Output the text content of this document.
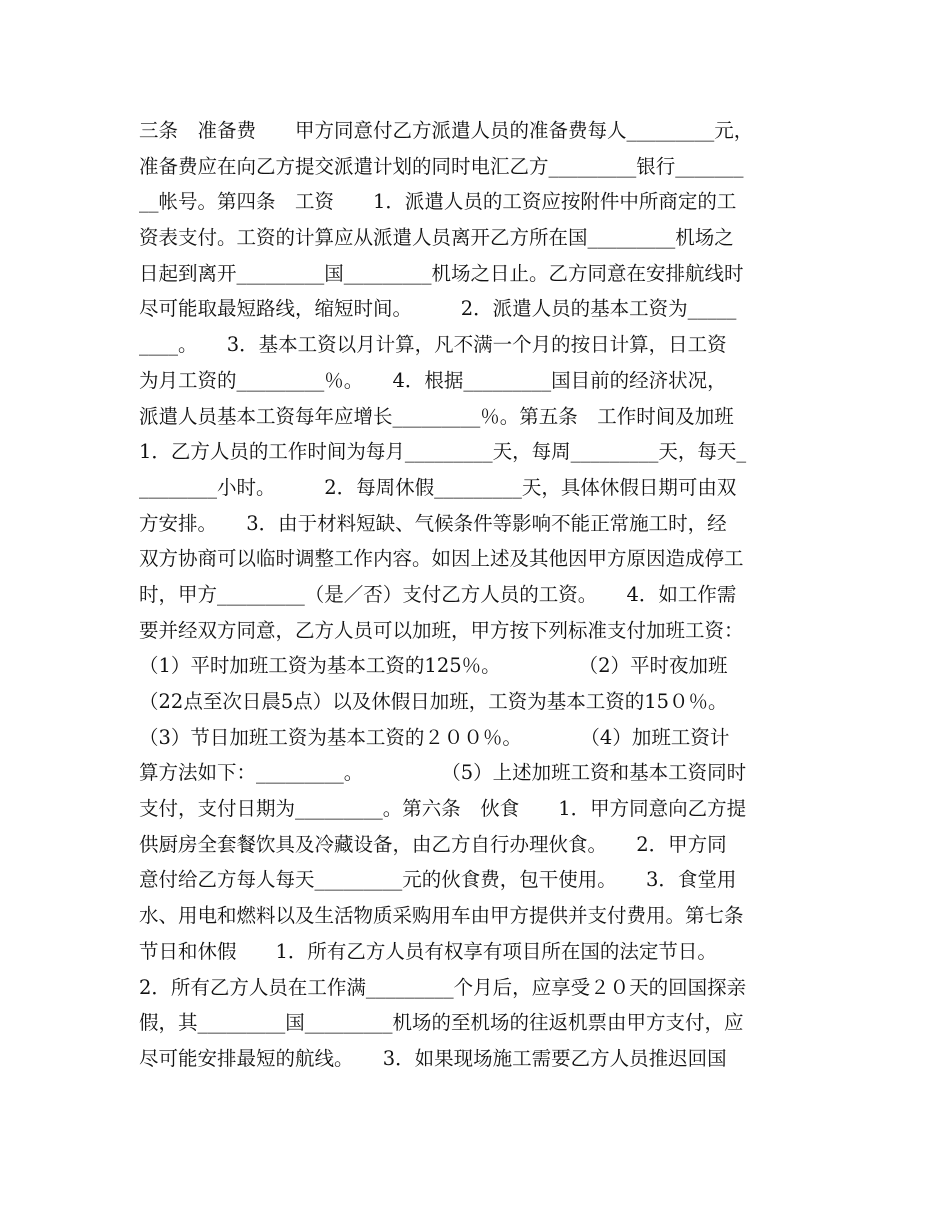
三条　准备费　　甲方同意付乙方派遣人员的准备费每人_________元，
准备费应在向乙方提交派遣计划的同时电汇乙方_________银行_______
__帐号。第四条　工资　　1．派遣人员的工资应按附件中所商定的工
资表支付。工资的计算应从派遣人员离开乙方所在国_________机场之
日起到离开_________国_________机场之日止。乙方同意在安排航线时
尽可能取最短路线，缩短时间。　　　2．派遣人员的基本工资为_____
____。　　3．基本工资以月计算，凡不满一个月的按日计算，日工资
为月工资的_________％。　　4．根据_________国目前的经济状况，
派遣人员基本工资每年应增长_________％。第五条　工作时间及加班
1．乙方人员的工作时间为每月_________天，每周_________天，每天_
________小时。　　　2．每周休假_________天，具体休假日期可由双
方安排。　　3．由于材料短缺、气候条件等影响不能正常施工时，经
双方协商可以临时调整工作内容。如因上述及其他因甲方原因造成停工
时，甲方_________（是／否）支付乙方人员的工资。　　4．如工作需
要并经双方同意，乙方人员可以加班，甲方按下列标准支付加班工资：
（1）平时加班工资为基本工资的125％。　　　　　（2）平时夜加班
（22点至次日晨5点）以及休假日加班，工资为基本工资的15０％。
（3）节日加班工资为基本工资的２００％。　　　　（4）加班工资计
算方法如下：_________。　　　　　（5）上述加班工资和基本工资同时
支付，支付日期为_________。第六条　伙食　　1．甲方同意向乙方提
供厨房全套餐饮具及冷藏设备，由乙方自行办理伙食。　　2．甲方同
意付给乙方每人每天_________元的伙食费，包干使用。　　3．食堂用
水、用电和燃料以及生活物质采购用车由甲方提供并支付费用。第七条
节日和休假　　1．所有乙方人员有权享有项目所在国的法定节日。
2．所有乙方人员在工作满_________个月后，应享受２０天的回国探亲
假，其_________国_________机场的至机场的往返机票由甲方支付，应
尽可能安排最短的航线。　　3．如果现场施工需要乙方人员推迟回国
